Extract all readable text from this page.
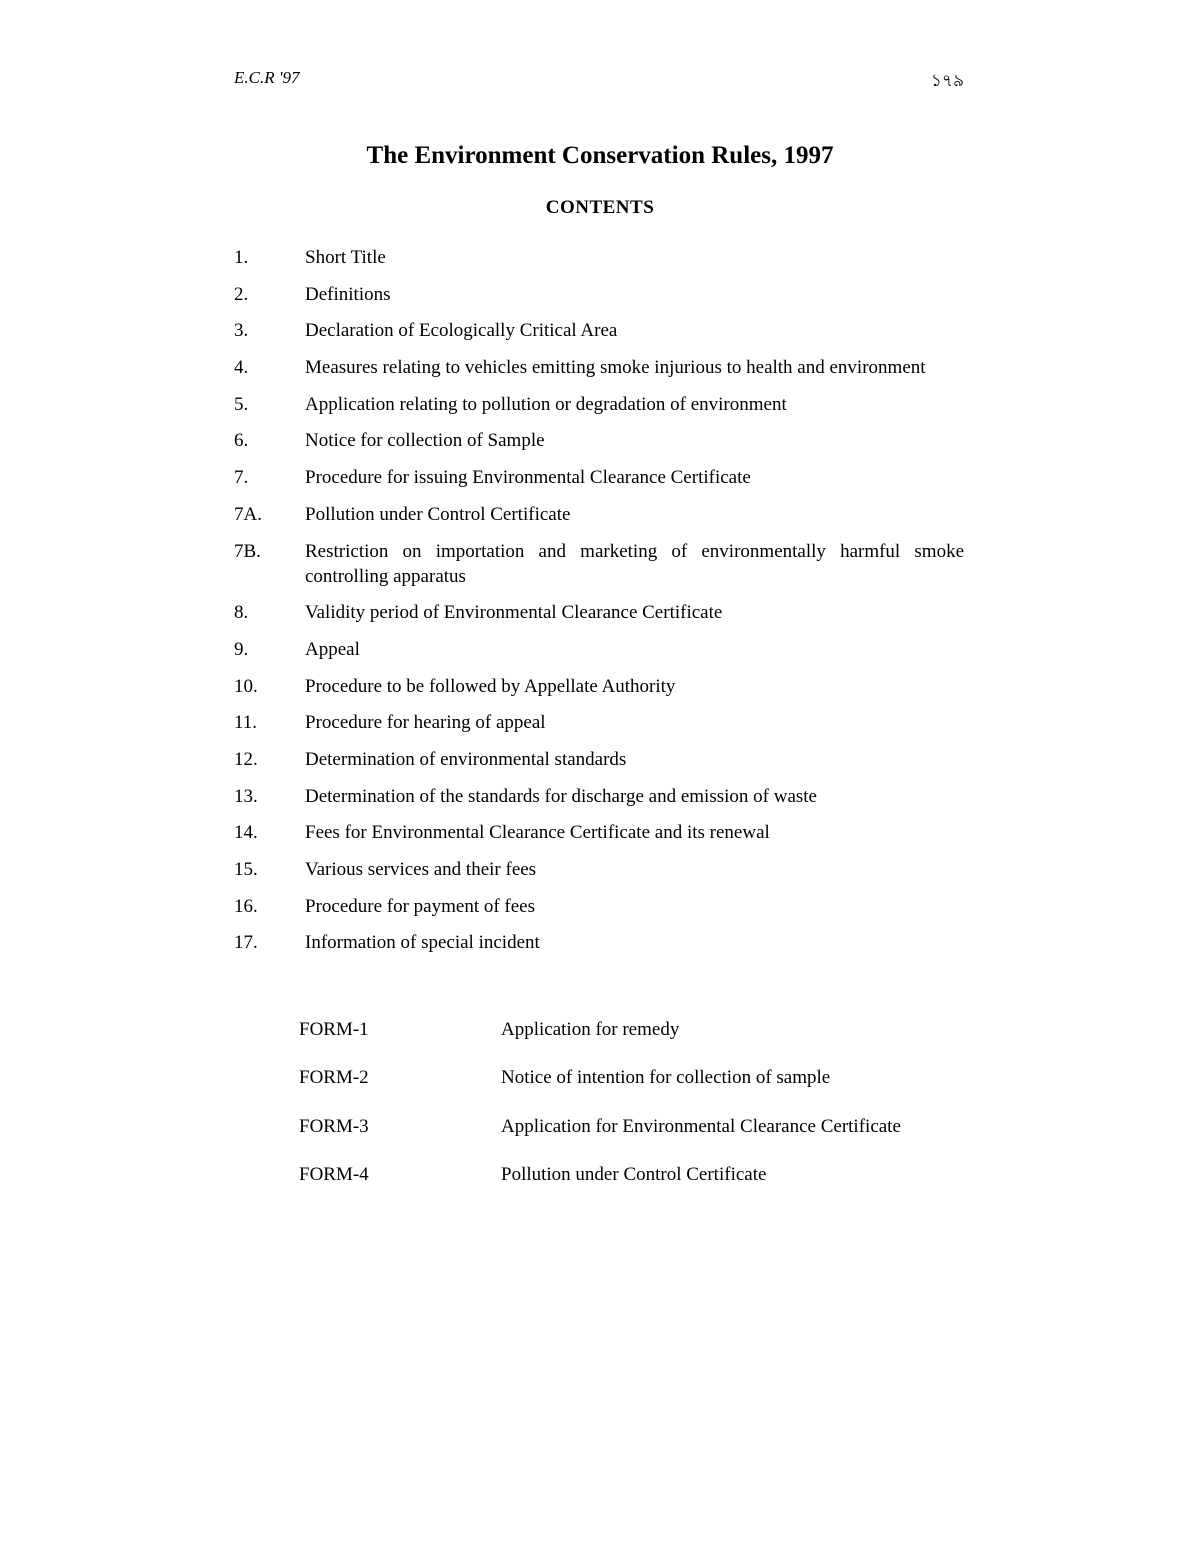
E.C.R '97	১৭৯
The Environment Conservation Rules, 1997
CONTENTS
1.	Short Title
2.	Definitions
3.	Declaration of Ecologically Critical Area
4.	Measures relating to vehicles emitting smoke injurious to health and environment
5.	Application relating to pollution or degradation of environment
6.	Notice for collection of Sample
7.	Procedure for issuing Environmental Clearance Certificate
7A.	Pollution under Control Certificate
7B.	Restriction on importation and marketing of environmentally harmful smoke controlling apparatus
8.	Validity period of Environmental Clearance Certificate
9.	Appeal
10.	Procedure to be followed by Appellate Authority
11.	Procedure for hearing of appeal
12.	Determination of environmental standards
13.	Determination of the standards for discharge and emission of waste
14.	Fees for Environmental Clearance Certificate and its renewal
15.	Various services and their fees
16.	Procedure for payment of fees
17.	Information of special incident
FORM-1	Application for remedy
FORM-2	Notice of intention for collection of sample
FORM-3	Application for Environmental Clearance Certificate
FORM-4	Pollution under Control Certificate
